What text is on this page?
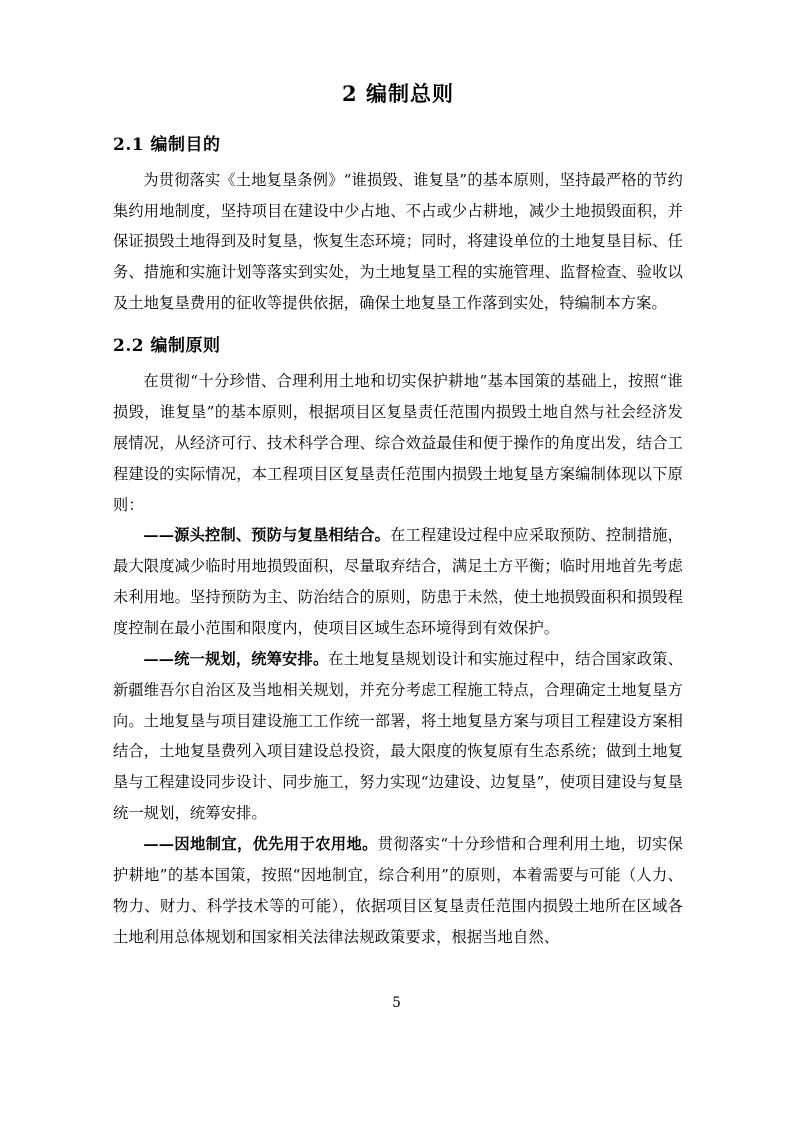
2 编制总则
2.1 编制目的

为贯彻落实《土地复垦条例》“谁损毁、谁复垦”的基本原则，坚持最严格的节约集约用地制度，坚持项目在建设中少占地、不占或少占耕地，减少土地损毁面积，并保证损毁土地得到及时复垦，恢复生态环境；同时，将建设单位的土地复垦目标、任务、措施和实施计划等落实到实处，为土地复垦工程的实施管理、监督检查、验收以及土地复垦费用的征收等提供依据，确保土地复垦工作落到实处，特编制本方案。

2.2 编制原则

在贯彻“十分珍惜、合理利用土地和切实保护耕地”基本国策的基础上，按照“谁损毁，谁复垦”的基本原则，根据项目区复垦责任范围内损毁土地自然与社会经济发展情况，从经济可行、技术科学合理、综合效益最佳和便于操作的角度出发，结合工程建设的实际情况，本工程项目区复垦责任范围内损毁土地复垦方案编制体现以下原则：

——源头控制、预防与复垦相结合。在工程建设过程中应采取预防、控制措施，最大限度减少临时用地损毁面积，尽量取弃结合，满足土方平衡；临时用地首先考虑未利用地。坚持预防为主、防治结合的原则，防患于未然，使土地损毁面积和损毁程度控制在最小范围和限度内，使项目区域生态环境得到有效保护。

——统一规划，统筹安排。在土地复垦规划设计和实施过程中，结合国家政策、新疆维吾尔自治区及当地相关规划，并充分考虑工程施工特点，合理确定土地复垦方向。土地复垦与项目建设施工工作统一部署，将土地复垦方案与项目工程建设方案相结合，土地复垦费列入项目建设总投资，最大限度的恢复原有生态系统；做到土地复垦与工程建设同步设计、同步施工，努力实现“边建设、边复垦”，使项目建设与复垦统一规划，统筹安排。

——因地制宜，优先用于农用地。贯彻落实“十分珍惜和合理利用土地，切实保护耕地”的基本国策，按照“因地制宜，综合利用”的原则，本着需要与可能（人力、物力、财力、科学技术等的可能），依据项目区复垦责任范围内损毁土地所在区域各土地利用总体规划和国家相关法律法规政策要求，根据当地自然、

5
